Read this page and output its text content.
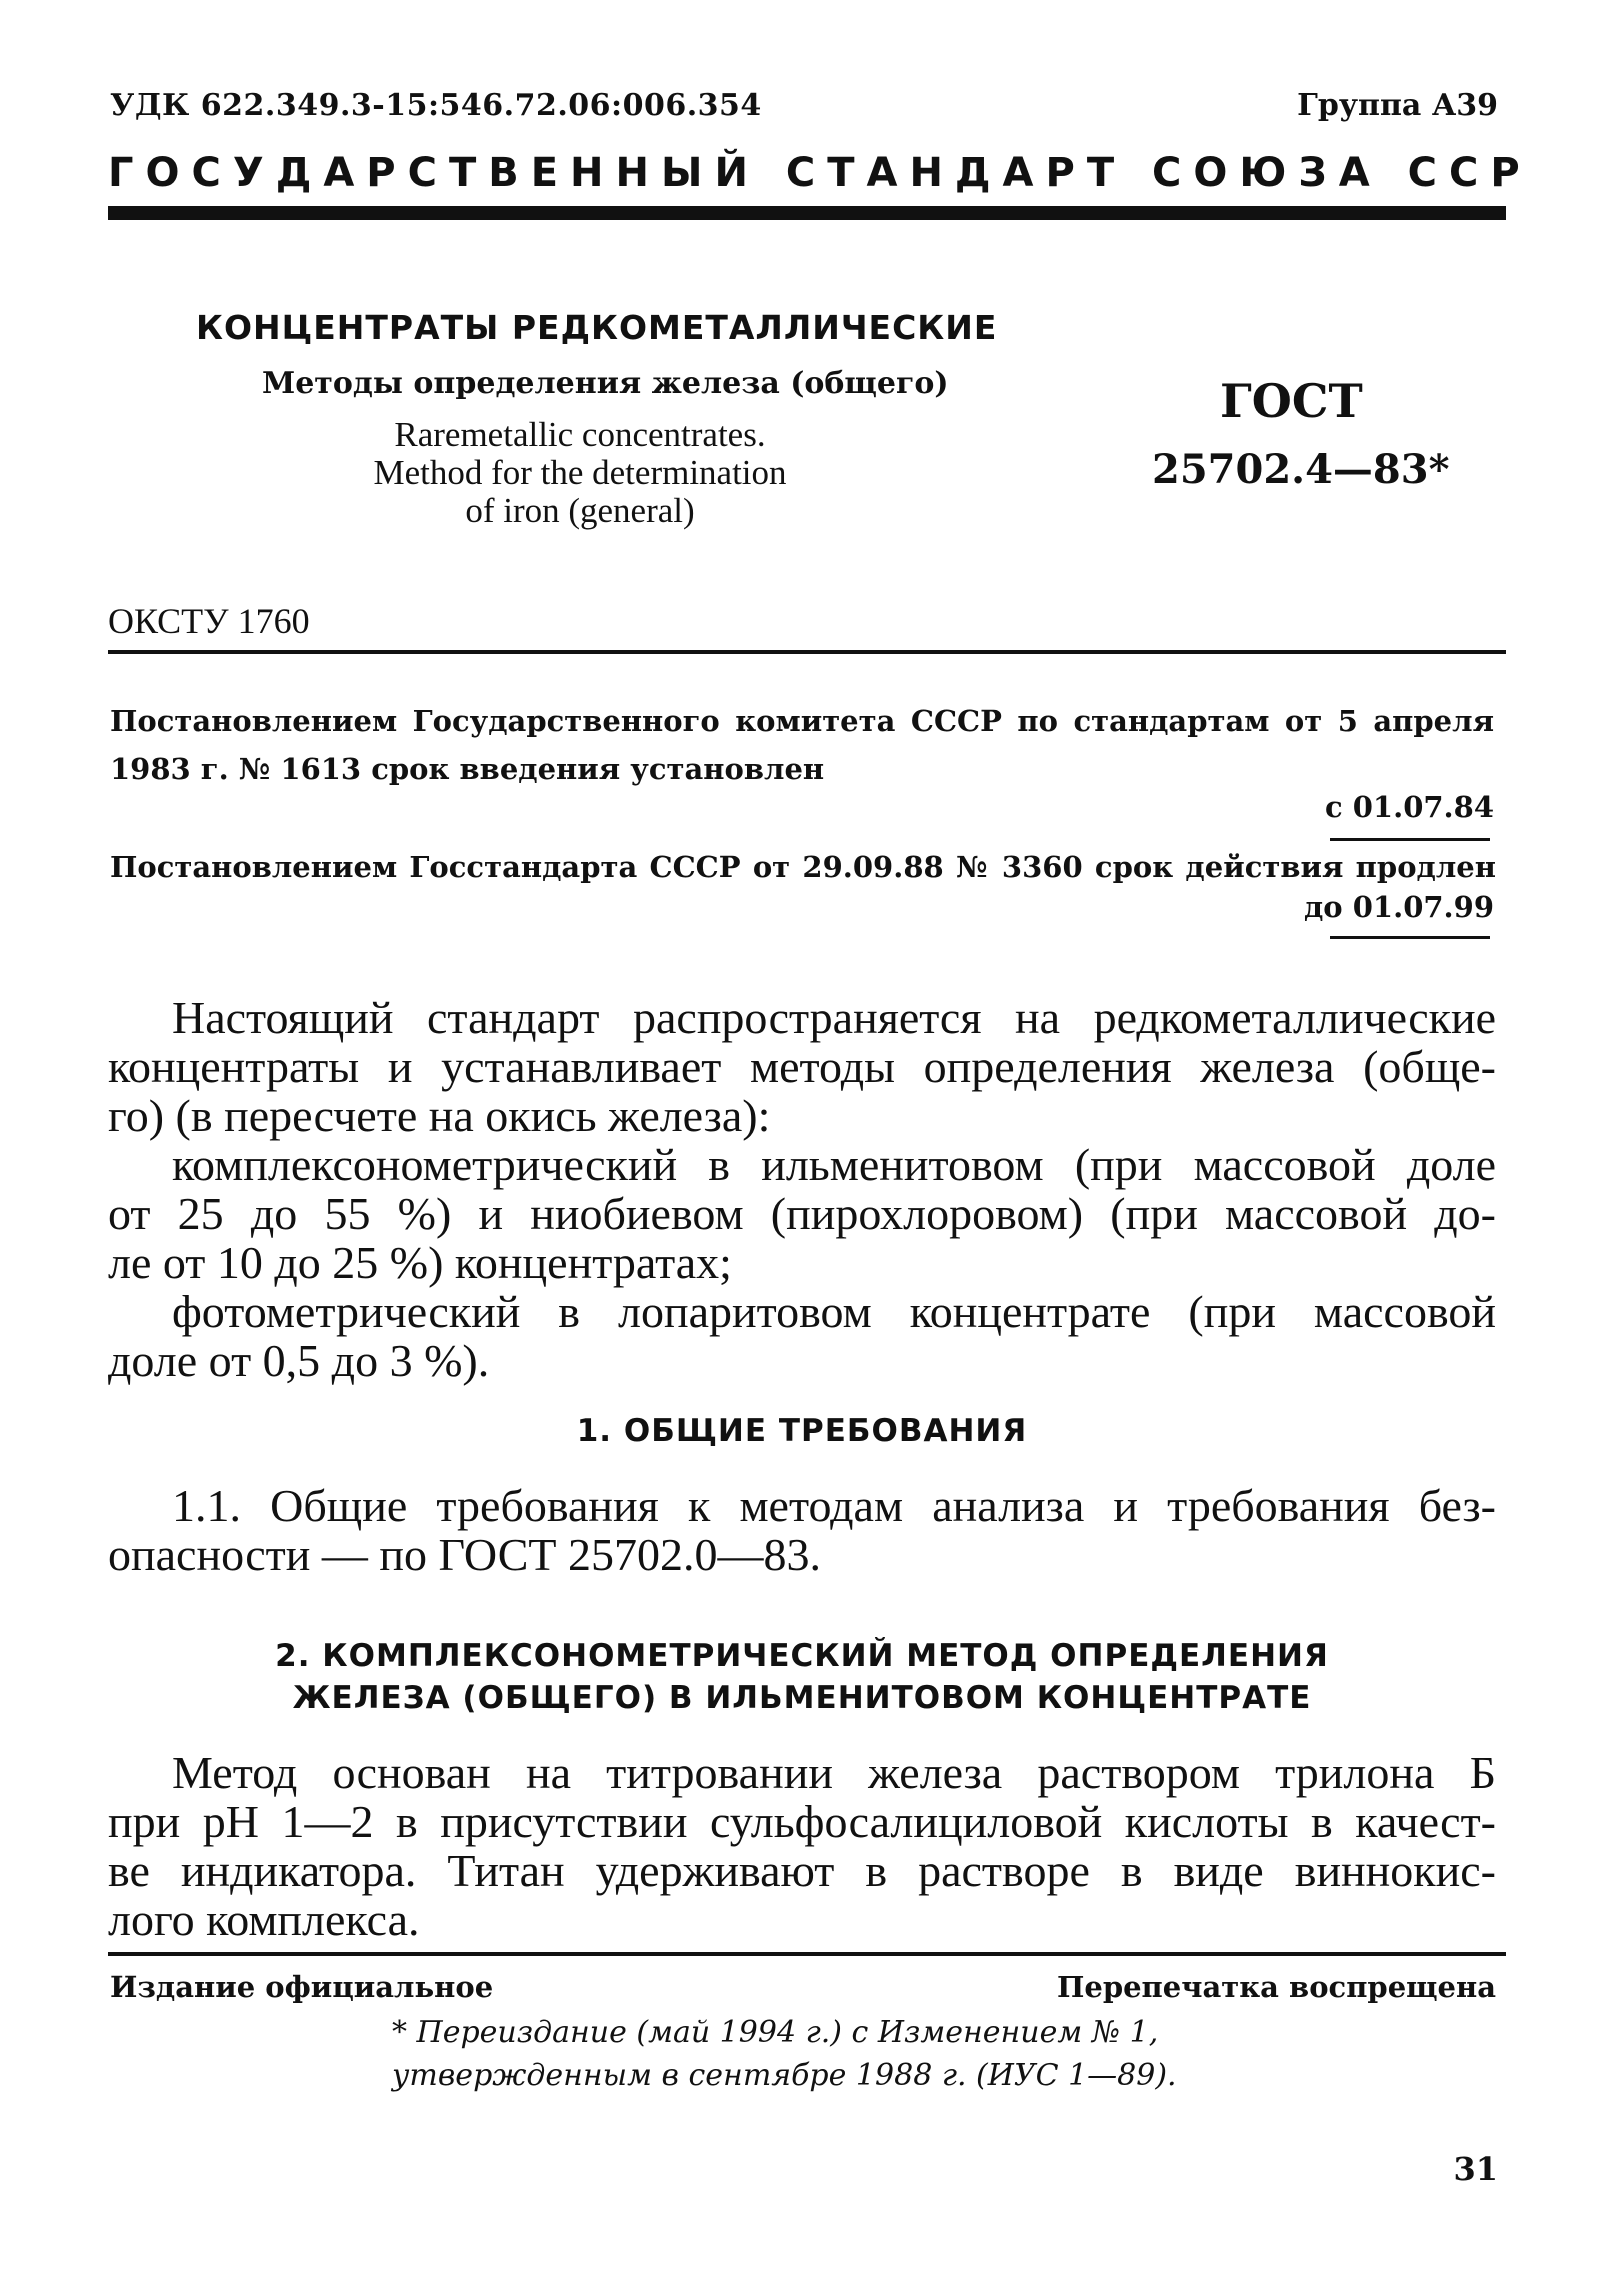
УДК 622.349.3-15:546.72.06:006.354	Группа А39
ГОСУДАРСТВЕННЫЙ СТАНДАРТ СОЮЗА ССР
КОНЦЕНТРАТЫ РЕДКОМЕТАЛЛИЧЕСКИЕ
Методы определения железа (общего)
Raremetallic concentrates.
Method for the determination
of iron (general)
ГОСТ
25702.4—83*
ОКСТУ 1760
Постановлением Государственного комитета СССР по стандартам от 5 апреля
1983 г. № 1613 срок введения установлен
с 01.07.84
Постановлением Госстандарта СССР от 29.09.88 № 3360 срок действия продлен
до 01.07.99
Настоящий стандарт распространяется на редкометаллические
концентраты и устанавливает методы определения железа (обще-
го) (в пересчете на окись железа):
комплексонометрический в ильменитовом (при массовой доле
от 25 до 55 %) и ниобиевом (пирохлоровом) (при массовой до-
ле от 10 до 25 %) концентратах;
фотометрический в лопаритовом концентрате (при массовой
доле от 0,5 до 3 %).
1. ОБЩИЕ ТРЕБОВАНИЯ
1.1. Общие требования к методам анализа и требования без-
опасности — по ГОСТ 25702.0—83.
2. КОМПЛЕКСОНОМЕТРИЧЕСКИЙ МЕТОД ОПРЕДЕЛЕНИЯ
ЖЕЛЕЗА (ОБЩЕГО) В ИЛЬМЕНИТОВОМ КОНЦЕНТРАТЕ
Метод основан на титровании железа раствором трилона Б
при рН 1—2 в присутствии сульфосалициловой кислоты в качест-
ве индикатора. Титан удерживают в растворе в виде виннокис-
лого комплекса.
Издание официальное	Перепечатка воспрещена
* Переиздание (май 1994 г.) с Изменением № 1,
утвержденным в сентябре 1988 г. (ИУС 1—89).
31
